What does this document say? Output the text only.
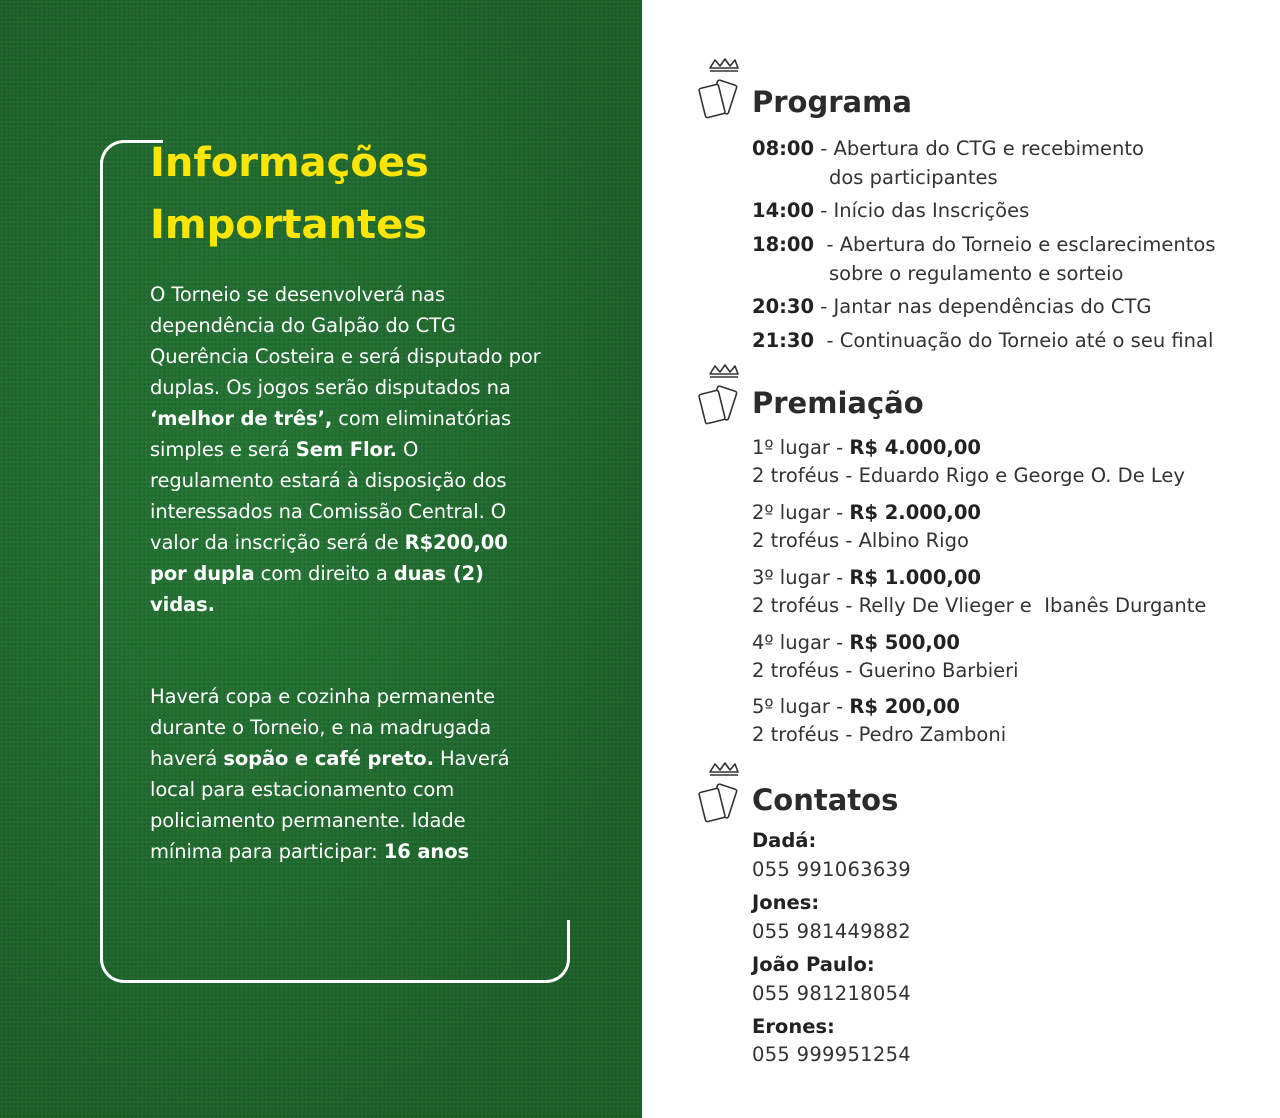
Informações
Importantes

O Torneio se desenvolverá nas dependência do Galpão do CTG Querência Costeira e será disputado por duplas. Os jogos serão disputados na ‘melhor de três’, com eliminatórias simples e será Sem Flor. O regulamento estará à disposição dos interessados na Comissão Central. O valor da inscrição será de R$200,00 por dupla com direito a duas (2) vidas.

Haverá copa e cozinha permanente durante o Torneio, e na madrugada haverá sopão e café preto. Haverá local para estacionamento com policiamento permanente. Idade mínima para participar: 16 anos

Programa
08:00 - Abertura do CTG e recebimento
dos participantes
14:00 - Início das Inscrições
18:00  - Abertura do Torneio e esclarecimentos
sobre o regulamento e sorteio
20:30 - Jantar nas dependências do CTG
21:30  - Continuação do Torneio até o seu final
Premiação
1º lugar - R$ 4.000,00
2 troféus - Eduardo Rigo e George O. De Ley
2º lugar - R$ 2.000,00
2 troféus - Albino Rigo
3º lugar - R$ 1.000,00
2 troféus - Relly De Vlieger e  Ibanês Durgante
4º lugar - R$ 500,00
2 troféus - Guerino Barbieri
5º lugar - R$ 200,00
2 troféus - Pedro Zamboni
Contatos
Dadá:
055 991063639
Jones:
055 981449882
João Paulo:
055 981218054
Erones:
055 999951254
